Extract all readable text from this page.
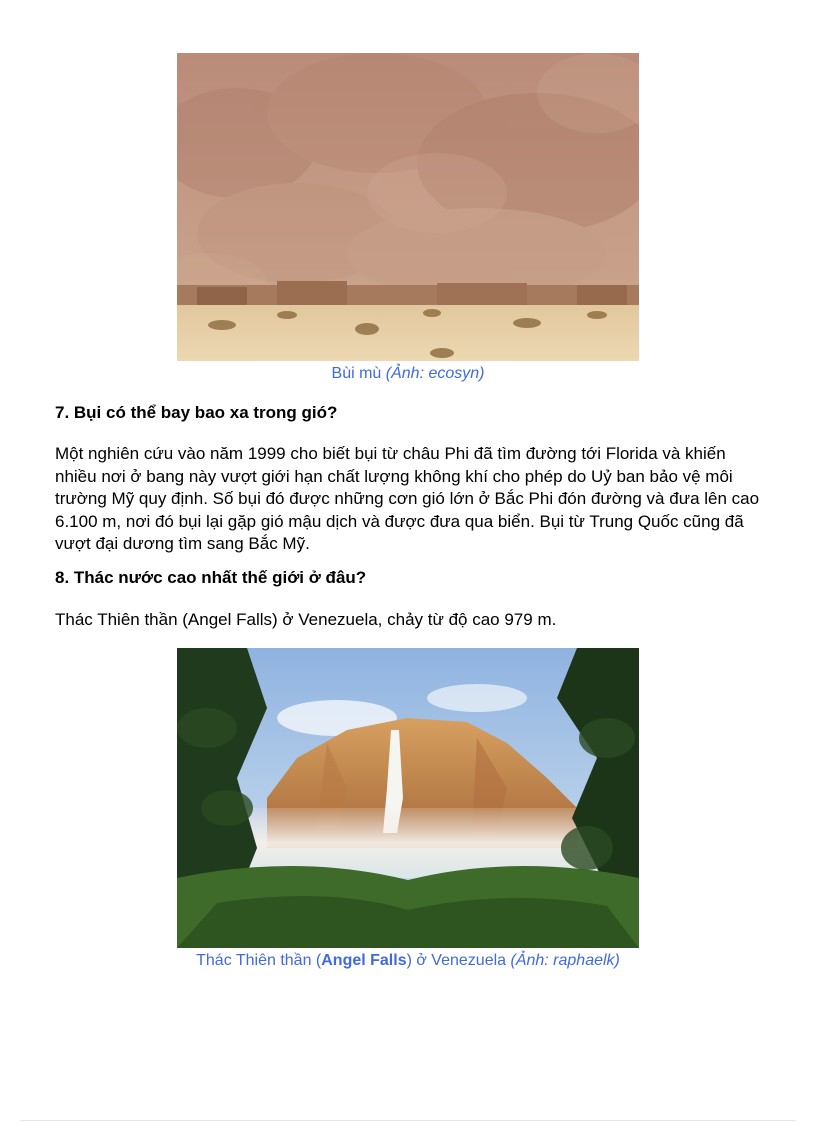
Bùi mù (Ảnh: ecosyn)
7. Bụi có thể bay bao xa trong gió?

Một nghiên cứu vào năm 1999 cho biết bụi từ châu Phi đã tìm đường tới Florida và khiến nhiều nơi ở bang này vượt giới hạn chất lượng không khí cho phép do Uỷ ban bảo vệ môi trường Mỹ quy định. Số bụi đó được những cơn gió lớn ở Bắc Phi đón đường và đưa lên cao 6.100 m, nơi đó bụi lại gặp gió mậu dịch và được đưa qua biển. Bụi từ Trung Quốc cũng đã vượt đại dương tìm sang Bắc Mỹ.

8. Thác nước cao nhất thế giới ở đâu?

Thác Thiên thần (Angel Falls) ở Venezuela, chảy từ độ cao 979 m.

Thác Thiên thần (Angel Falls) ở Venezuela (Ảnh: raphaelk)
